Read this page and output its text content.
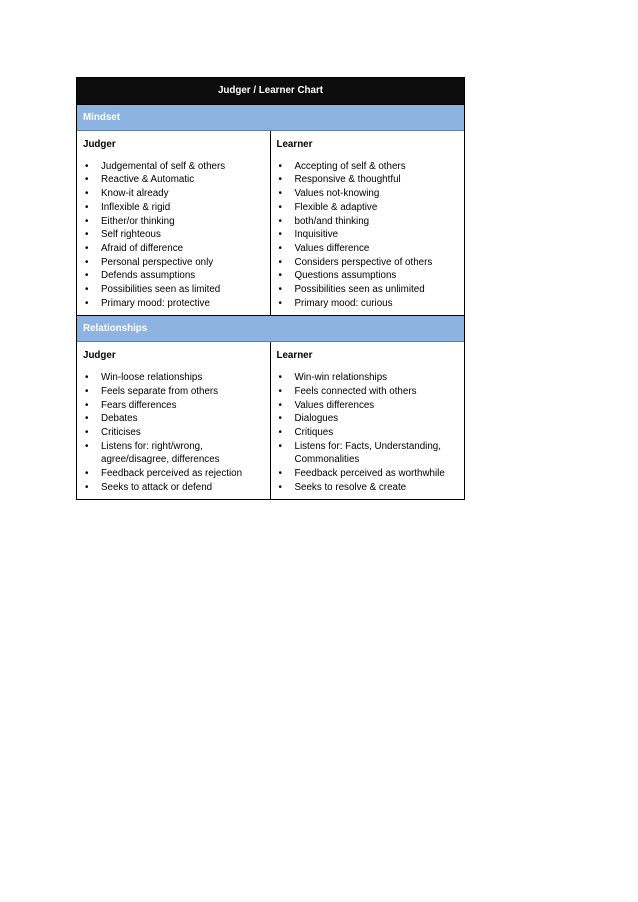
Judger / Learner Chart
Mindset
Judger
• Judgemental of self & others
• Reactive & Automatic
• Know-it already
• Inflexible & rigid
• Either/or thinking
• Self righteous
• Afraid of difference
• Personal perspective only
• Defends assumptions
• Possibilities seen as limited
• Primary mood: protective
Learner
• Accepting of self & others
• Responsive & thoughtful
• Values not-knowing
• Flexible & adaptive
• both/and thinking
• Inquisitive
• Values difference
• Considers perspective of others
• Questions assumptions
• Possibilities seen as unlimited
• Primary mood: curious
Relationships
Judger
• Win-loose relationships
• Feels separate from others
• Fears differences
• Debates
• Criticises
• Listens for: right/wrong, agree/disagree, differences
• Feedback perceived as rejection
• Seeks to attack or defend
Learner
• Win-win relationships
• Feels connected with others
• Values differences
• Dialogues
• Critiques
• Listens for: Facts, Understanding, Commonalities
• Feedback perceived as worthwhile
• Seeks to resolve & create
